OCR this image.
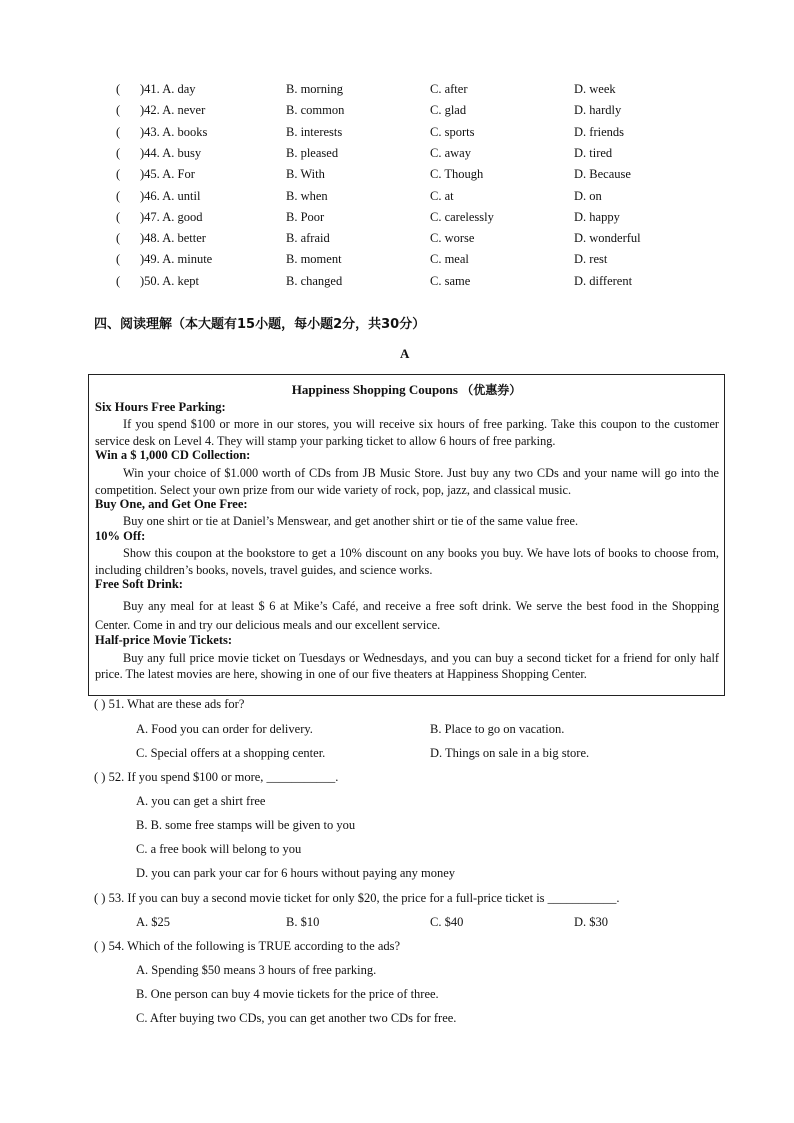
( )41. A. day	B. morning	C. after	D. week
( )42. A. never	B. common	C. glad	D. hardly
( )43. A. books	B. interests	C. sports	D. friends
( )44. A. busy	B. pleased	C. away	D. tired
( )45. A. For	B. With	C. Though	D. Because
( )46. A. until	B. when	C. at	D. on
( )47. A. good	B. Poor	C. carelessly	D. happy
( )48. A. better	B. afraid	C. worse	D. wonderful
( )49. A. minute	B. moment	C. meal	D. rest
( )50. A. kept	B. changed	C. same	D. different
四、阅读理解（本大题有15小题，每小题2分，共30分）
A
Happiness Shopping Coupons （优惠券）
Six Hours Free Parking:
If you spend $100 or more in our stores, you will receive six hours of free parking. Take this coupon to the customer service desk on Level 4. They will stamp your parking ticket to allow 6 hours of free parking.
Win a $ 1,000 CD Collection:
Win your choice of $1.000 worth of CDs from JB Music Store. Just buy any two CDs and your name will go into the competition. Select your own prize from our wide variety of rock, pop, jazz, and classical music.
Buy One, and Get One Free:
Buy one shirt or tie at Daniel’s Menswear, and get another shirt or tie of the same value free.
10% Off:
Show this coupon at the bookstore to get a 10% discount on any books you buy. We have lots of books to choose from, including children’s books, novels, travel guides, and science works.
Free Soft Drink:
Buy any meal for at least $ 6 at Mike’s Café, and receive a free soft drink. We serve the best food in the Shopping Center. Come in and try our delicious meals and our excellent service.
Half-price Movie Tickets:
Buy any full price movie ticket on Tuesdays or Wednesdays, and you can buy a second ticket for a friend for only half price. The latest movies are here, showing in one of our five theaters at Happiness Shopping Center.
( ) 51. What are these ads for?
A. Food you can order for delivery.	B. Place to go on vacation.
C. Special offers at a shopping center.	D. Things on sale in a big store.
( ) 52. If you spend $100 or more, ___________.
A. you can get a shirt free
B. B. some free stamps will be given to you
C. a free book will belong to you
D. you can park your car for 6 hours without paying any money
( ) 53. If you can buy a second movie ticket for only $20, the price for a full-price ticket is ___________.
A. $25	B. $10	C. $40	D. $30
( ) 54. Which of the following is TRUE according to the ads?
A. Spending $50 means 3 hours of free parking.
B. One person can buy 4 movie tickets for the price of three.
C. After buying two CDs, you can get another two CDs for free.
